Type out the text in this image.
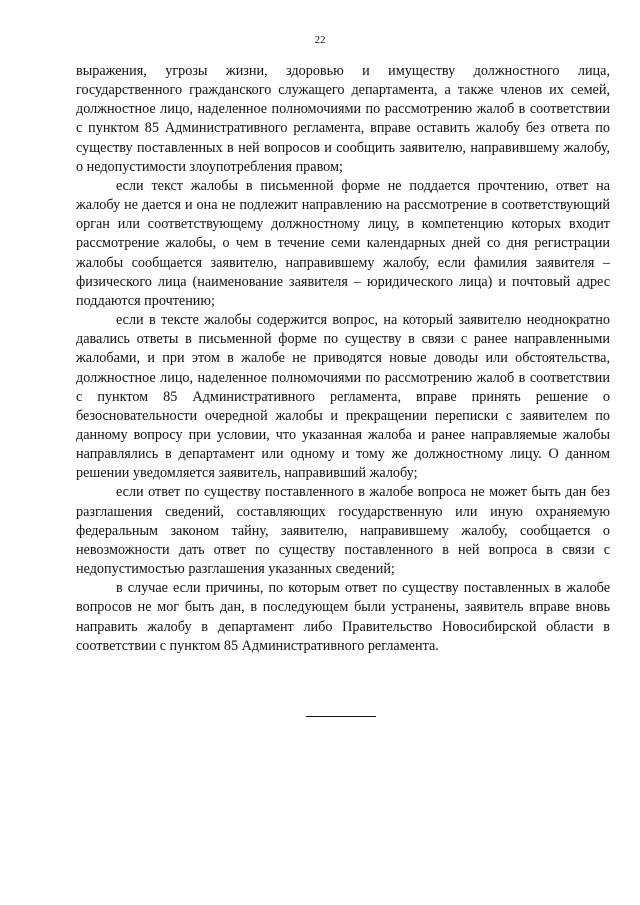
22

выражения, угрозы жизни, здоровью и имуществу должностного лица, государственного гражданского служащего департамента, а также членов их семей, должностное лицо, наделенное полномочиями по рассмотрению жалоб в соответствии с пунктом 85 Административного регламента, вправе оставить жалобу без ответа по существу поставленных в ней вопросов и сообщить заявителю, направившему жалобу, о недопустимости злоупотребления правом;

если текст жалобы в письменной форме не поддается прочтению, ответ на жалобу не дается и она не подлежит направлению на рассмотрение в соответствующий орган или соответствующему должностному лицу, в компетенцию которых входит рассмотрение жалобы, о чем в течение семи календарных дней со дня регистрации жалобы сообщается заявителю, направившему жалобу, если фамилия заявителя – физического лица (наименование заявителя – юридического лица) и почтовый адрес поддаются прочтению;

если в тексте жалобы содержится вопрос, на который заявителю неоднократно давались ответы в письменной форме по существу в связи с ранее направленными жалобами, и при этом в жалобе не приводятся новые доводы или обстоятельства, должностное лицо, наделенное полномочиями по рассмотрению жалоб в соответствии с пунктом 85 Административного регламента, вправе принять решение о безосновательности очередной жалобы и прекращении переписки с заявителем по данному вопросу при условии, что указанная жалоба и ранее направляемые жалобы направлялись в департамент или одному и тому же должностному лицу. О данном решении уведомляется заявитель, направивший жалобу;

если ответ по существу поставленного в жалобе вопроса не может быть дан без разглашения сведений, составляющих государственную или иную охраняемую федеральным законом тайну, заявителю, направившему жалобу, сообщается о невозможности дать ответ по существу поставленного в ней вопроса в связи с недопустимостью разглашения указанных сведений;

в случае если причины, по которым ответ по существу поставленных в жалобе вопросов не мог быть дан, в последующем были устранены, заявитель вправе вновь направить жалобу в департамент либо Правительство Новосибирской области в соответствии с пунктом 85 Административного регламента.
